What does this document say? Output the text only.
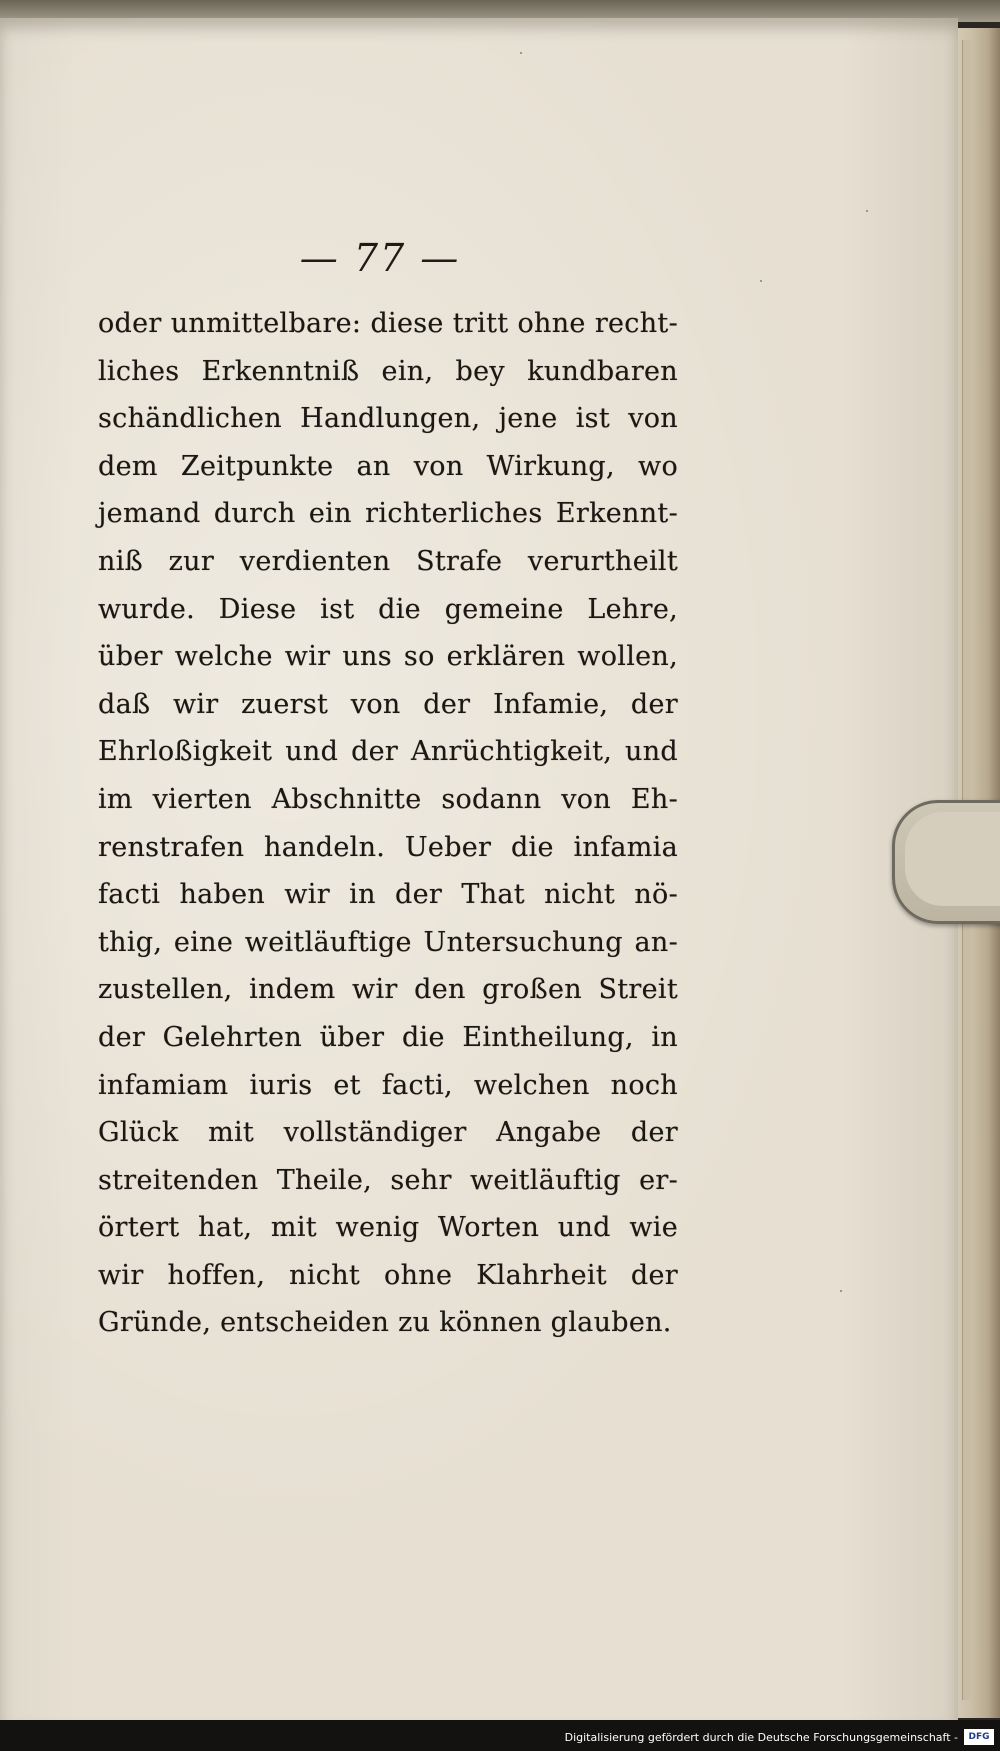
— 77 —
oder unmittelbare: diese tritt ohne recht-
liches Erkenntniß ein, bey kundbaren
schändlichen Handlungen, jene ist von
dem Zeitpunkte an von Wirkung, wo
jemand durch ein richterliches Erkennt-
niß zur verdienten Strafe verurtheilt
wurde. Diese ist die gemeine Lehre,
über welche wir uns so erklären wollen,
daß wir zuerst von der Infamie, der
Ehrloßigkeit und der Anrüchtigkeit, und
im vierten Abschnitte sodann von Eh-
renstrafen handeln. Ueber die infamia
facti haben wir in der That nicht nö-
thig, eine weitläuftige Untersuchung an-
zustellen, indem wir den großen Streit
der Gelehrten über die Eintheilung, in
infamiam iuris et facti, welchen noch
Glück mit vollständiger Angabe der
streitenden Theile, sehr weitläuftig er-
örtert hat, mit wenig Worten und wie
wir hoffen, nicht ohne Klahrheit der
Gründe, entscheiden zu können glauben.
Digitalisierung gefördert durch die Deutsche Forschungsgemeinschaft -	DFG
